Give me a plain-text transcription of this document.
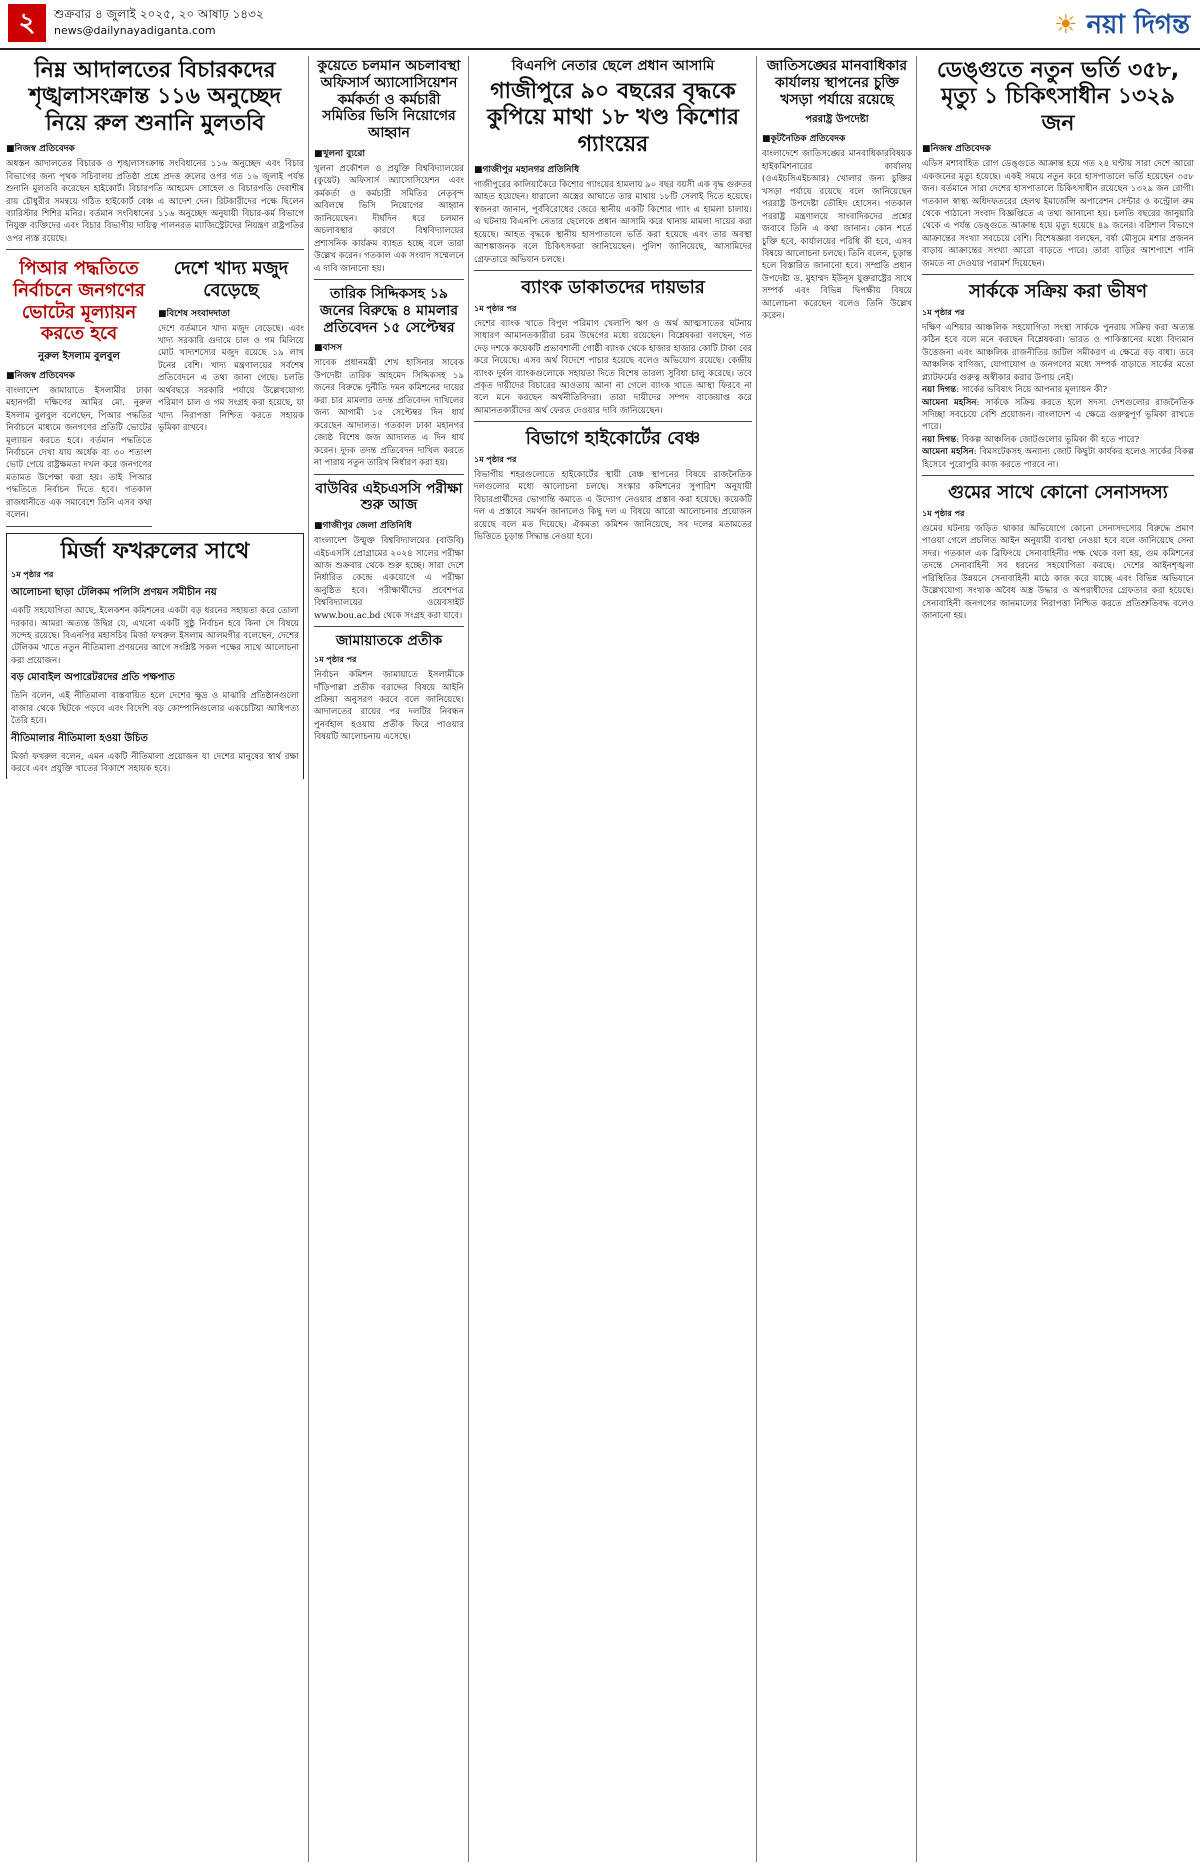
২	শুক্রবার ৪ জুলাই ২০২৫, ২০ আষাঢ় ১৪৩২
news@dailynayadiganta.com	☀ নয়া দিগন্ত
নিম্ন আদালতের বিচারকদের শৃঙ্খলাসংক্রান্ত ১১৬ অনুচ্ছেদ নিয়ে রুল শুনানি মুলতবি
■ নিজস্ব প্রতিবেদক
অধস্তন আদালতের বিচারক ও শৃঙ্খলাসংক্রান্ত সংবিধানের ১১৬ অনুচ্ছেদ এবং বিচার বিভাগের জন্য পৃথক সচিবালয় প্রতিষ্ঠা প্রশ্নে প্রদত্ত রুলের ওপর গত ১৬ জুলাই পর্যন্ত শুনানি মুলতবি করেছেন হাইকোর্ট। বিচারপতি আহমেদ সোহেল ও বিচারপতি দেবাশীষ রায় চৌধুরীর সমন্বয়ে গঠিত হাইকোর্ট বেঞ্চ এ আদেশ দেন। রিটকারীদের পক্ষে ছিলেন ব্যারিস্টার শিশির মনির। বর্তমান সংবিধানের ১১৬ অনুচ্ছেদ অনুযায়ী বিচার-কর্ম বিভাগে নিযুক্ত ব্যক্তিদের এবং বিচার বিভাগীয় দায়িত্ব পালনরত ম্যাজিস্ট্রেটদের নিয়ন্ত্রণ রাষ্ট্রপতির ওপর ন্যস্ত রয়েছে।
পিআর পদ্ধতিতে নির্বাচনে জনগণের ভোটের মূল্যায়ন করতে হবে
নুরুল ইসলাম বুলবুল
■ নিজস্ব প্রতিবেদক
বাংলাদেশ জামায়াতে ইসলামীর ঢাকা মহানগরী দক্ষিণের আমির মো. নুরুল ইসলাম বুলবুল বলেছেন, পিআর পদ্ধতির নির্বাচনে মাধ্যমে জনগণের প্রতিটি ভোটের মূল্যায়ন করতে হবে। বর্তমান পদ্ধতিতে নির্বাচনে দেখা যায় অর্ধেক বা ৩০ শতাংশ ভোট পেয়ে রাষ্ট্রক্ষমতা দখল করে জনগণের মতামত উপেক্ষা করা হয়। তাই পিআর পদ্ধতিতে নির্বাচন দিতে হবে। গতকাল রাজধানীতে এক সমাবেশে তিনি এসব কথা বলেন।
দেশে খাদ্য মজুদ বেড়েছে
■ বিশেষ সংবাদদাতা
দেশে বর্তমানে খাদ্য মজুদ বেড়েছে। এবং খাদ্য সরকারি গুদামে চাল ও গম মিলিয়ে মোট খাদ্যশস্যের মজুদ রয়েছে ১৯ লাখ টনের বেশি। খাদ্য মন্ত্রণালয়ের সর্বশেষ প্রতিবেদনে এ তথ্য জানা গেছে। চলতি অর্থবছরে সরকারি পর্যায়ে উল্লেখযোগ্য পরিমাণ চাল ও গম সংগ্রহ করা হয়েছে, যা খাদ্য নিরাপত্তা নিশ্চিত করতে সহায়ক ভূমিকা রাখবে।
মির্জা ফখরুলের সাথে
১ম পৃষ্ঠার পর
আলোচনা ছাড়া টেলিকম পলিসি প্রণয়ন সমীচীন নয়
একটি সহযোগিতা আছে, ইলেকশন কমিশনের একটা বড় ধরনের সহায়তা করে তোলা দরকার। আমরা অত্যন্ত উদ্বিগ্ন যে, এখনো একটি সুষ্ঠু নির্বাচন হবে কিনা সে বিষয়ে সন্দেহ রয়েছে। বিএনপির মহাসচিব মির্জা ফখরুল ইসলাম আলমগীর বলেছেন, দেশের টেলিকম খাতে নতুন নীতিমালা প্রণয়নের আগে সংশ্লিষ্ট সকল পক্ষের সাথে আলোচনা করা প্রয়োজন।
বড় মোবাইল অপারেটরদের প্রতি পক্ষপাত
তিনি বলেন, এই নীতিমালা বাস্তবায়িত হলে দেশের ক্ষুদ্র ও মাঝারি প্রতিষ্ঠানগুলো বাজার থেকে ছিটকে পড়বে এবং বিদেশি বড় কোম্পানিগুলোর একচেটিয়া আধিপত্য তৈরি হবে।
নীতিমালার নীতিমালা হওয়া উচিত
মির্জা ফখরুল বলেন, এমন একটি নীতিমালা প্রয়োজন যা দেশের মানুষের স্বার্থ রক্ষা করবে এবং প্রযুক্তি খাতের বিকাশে সহায়ক হবে।
কুয়েতে চলমান অচলাবস্থা অফিসার্স অ্যাসোসিয়েশন কর্মকর্তা ও কর্মচারী সমিতির ভিসি নিয়োগের আহ্বান
■ খুলনা ব্যুরো
খুলনা প্রকৌশল ও প্রযুক্তি বিশ্ববিদ্যালয়ের (কুয়েট) অফিসার্স অ্যাসোসিয়েশন এবং কর্মকর্তা ও কর্মচারী সমিতির নেতৃবৃন্দ অবিলম্বে ভিসি নিয়োগের আহ্বান জানিয়েছেন। দীর্ঘদিন ধরে চলমান অচলাবস্থার কারণে বিশ্ববিদ্যালয়ের প্রশাসনিক কার্যক্রম ব্যাহত হচ্ছে বলে তারা উল্লেখ করেন। গতকাল এক সংবাদ সম্মেলনে এ দাবি জানানো হয়।
তারিক সিদ্দিকসহ ১৯ জনের বিরুদ্ধে ৪ মামলার প্রতিবেদন ১৫ সেপ্টেম্বর
■ বাসস
সাবেক প্রধানমন্ত্রী শেখ হাসিনার সাবেক উপদেষ্টা তারিক আহমেদ সিদ্দিকসহ ১৯ জনের বিরুদ্ধে দুর্নীতি দমন কমিশনের দায়ের করা চার মামলার তদন্ত প্রতিবেদন দাখিলের জন্য আগামী ১৫ সেপ্টেম্বর দিন ধার্য করেছেন আদালত। গতকাল ঢাকা মহানগর জ্যেষ্ঠ বিশেষ জজ আদালত এ দিন ধার্য করেন। দুদক তদন্ত প্রতিবেদন দাখিল করতে না পারায় নতুন তারিখ নির্ধারণ করা হয়।
বাউবির এইচএসসি পরীক্ষা শুরু আজ
■ গাজীপুর জেলা প্রতিনিধি
বাংলাদেশ উন্মুক্ত বিশ্ববিদ্যালয়ের (বাউবি) এইচএসসি প্রোগ্রামের ২০২৪ সালের পরীক্ষা আজ শুক্রবার থেকে শুরু হচ্ছে। সারা দেশে নির্ধারিত কেন্দ্রে একযোগে এ পরীক্ষা অনুষ্ঠিত হবে। পরীক্ষার্থীদের প্রবেশপত্র বিশ্ববিদ্যালয়ের ওয়েবসাইট www.bou.ac.bd থেকে সংগ্রহ করা যাবে।
জামায়াতকে প্রতীক
১ম পৃষ্ঠার পর
নির্বাচন কমিশন জামায়াতে ইসলামীকে দাঁড়িপাল্লা প্রতীক বরাদ্দের বিষয়ে আইনি প্রক্রিয়া অনুসরণ করবে বলে জানিয়েছে। আদালতের রায়ের পর দলটির নিবন্ধন পুনর্বহাল হওয়ায় প্রতীক ফিরে পাওয়ার বিষয়টি আলোচনায় এসেছে।
বিএনপি নেতার ছেলে প্রধান আসামি
গাজীপুরে ৯০ বছরের বৃদ্ধকে কুপিয়ে মাথা ১৮ খণ্ড কিশোর গ্যাংয়ের
■ গাজীপুর মহানগর প্রতিনিধি
গাজীপুরের কালিয়াকৈরে কিশোর গ্যাংয়ের হামলায় ৯০ বছর বয়সী এক বৃদ্ধ গুরুতর আহত হয়েছেন। ধারালো অস্ত্রের আঘাতে তার মাথায় ১৮টি সেলাই দিতে হয়েছে। স্বজনরা জানান, পূর্ববিরোধের জেরে স্থানীয় একটি কিশোর গ্যাং এ হামলা চালায়। এ ঘটনায় বিএনপি নেতার ছেলেকে প্রধান আসামি করে থানায় মামলা দায়ের করা হয়েছে। আহত বৃদ্ধকে স্থানীয় হাসপাতালে ভর্তি করা হয়েছে এবং তার অবস্থা আশঙ্কাজনক বলে চিকিৎসকরা জানিয়েছেন। পুলিশ জানিয়েছে, আসামিদের গ্রেফতারে অভিযান চলছে।
ব্যাংক ডাকাতদের দায়ভার
১ম পৃষ্ঠার পর
দেশের ব্যাংক খাতে বিপুল পরিমাণ খেলাপি ঋণ ও অর্থ আত্মসাতের ঘটনায় সাধারণ আমানতকারীরা চরম উদ্বেগের মধ্যে রয়েছেন। বিশ্লেষকরা বলছেন, গত দেড় দশকে কয়েকটি প্রভাবশালী গোষ্ঠী ব্যাংক থেকে হাজার হাজার কোটি টাকা বের করে নিয়েছে। এসব অর্থ বিদেশে পাচার হয়েছে বলেও অভিযোগ রয়েছে। কেন্দ্রীয় ব্যাংক দুর্বল ব্যাংকগুলোকে সহায়তা দিতে বিশেষ তারল্য সুবিধা চালু করেছে। তবে প্রকৃত দায়ীদের বিচারের আওতায় আনা না গেলে ব্যাংক খাতে আস্থা ফিরবে না বলে মনে করছেন অর্থনীতিবিদরা। তারা দায়ীদের সম্পদ বাজেয়াপ্ত করে আমানতকারীদের অর্থ ফেরত দেওয়ার দাবি জানিয়েছেন।
বিভাগে হাইকোর্টের বেঞ্চ
১ম পৃষ্ঠার পর
বিভাগীয় শহরগুলোতে হাইকোর্টের স্থায়ী বেঞ্চ স্থাপনের বিষয়ে রাজনৈতিক দলগুলোর মধ্যে আলোচনা চলছে। সংস্কার কমিশনের সুপারিশ অনুযায়ী বিচারপ্রার্থীদের ভোগান্তি কমাতে এ উদ্যোগ নেওয়ার প্রস্তাব করা হয়েছে। কয়েকটি দল এ প্রস্তাবে সমর্থন জানালেও কিছু দল এ বিষয়ে আরো আলোচনার প্রয়োজন রয়েছে বলে মত দিয়েছে। ঐকমত্য কমিশন জানিয়েছে, সব দলের মতামতের ভিত্তিতে চূড়ান্ত সিদ্ধান্ত নেওয়া হবে।
জাতিসঙ্ঘের মানবাধিকার কার্যালয় স্থাপনের চুক্তি খসড়া পর্যায়ে রয়েছে
পররাষ্ট্র উপদেষ্টা
■ কূটনৈতিক প্রতিবেদক
বাংলাদেশে জাতিসঙ্ঘের মানবাধিকারবিষয়ক হাইকমিশনারের কার্যালয় (ওএইচসিএইচআর) খোলার জন্য চুক্তির খসড়া পর্যায়ে রয়েছে বলে জানিয়েছেন পররাষ্ট্র উপদেষ্টা তৌহিদ হোসেন। গতকাল পররাষ্ট্র মন্ত্রণালয়ে সাংবাদিকদের প্রশ্নের জবাবে তিনি এ কথা জানান। কোন শর্তে চুক্তি হবে, কার্যালয়ের পরিধি কী হবে, এসব বিষয়ে আলোচনা চলছে। তিনি বলেন, চূড়ান্ত হলে বিস্তারিত জানানো হবে। সম্প্রতি প্রধান উপদেষ্টা ড. মুহাম্মদ ইউনূস যুক্তরাষ্ট্রের সাথে সম্পর্ক এবং বিভিন্ন দ্বিপক্ষীয় বিষয়ে আলোচনা করেছেন বলেও তিনি উল্লেখ করেন।
ডেঙ্গুতে নতুন ভর্তি ৩৫৮, মৃত্যু ১ চিকিৎসাধীন ১৩২৯ জন
■ নিজস্ব প্রতিবেদক
এডিস মশাবাহিত রোগ ডেঙ্গুতে আক্রান্ত হয়ে গত ২৪ ঘণ্টায় সারা দেশে আরো একজনের মৃত্যু হয়েছে। একই সময়ে নতুন করে হাসপাতালে ভর্তি হয়েছেন ৩৫৮ জন। বর্তমানে সারা দেশের হাসপাতালে চিকিৎসাধীন রয়েছেন ১৩২৯ জন রোগী। গতকাল স্বাস্থ্য অধিদফতরের হেলথ ইমার্জেন্সি অপারেশন সেন্টার ও কন্ট্রোল রুম থেকে পাঠানো সংবাদ বিজ্ঞপ্তিতে এ তথ্য জানানো হয়। চলতি বছরের জানুয়ারি থেকে এ পর্যন্ত ডেঙ্গুতে আক্রান্ত হয়ে মৃত্যু হয়েছে ৪৯ জনের। বরিশাল বিভাগে আক্রান্তের সংখ্যা সবচেয়ে বেশি। বিশেষজ্ঞরা বলছেন, বর্ষা মৌসুমে মশার প্রজনন বাড়ায় আক্রান্তের সংখ্যা আরো বাড়তে পারে। তারা বাড়ির আশপাশে পানি জমতে না দেওয়ার পরামর্শ দিয়েছেন।
সার্ককে সক্রিয় করা ভীষণ
১ম পৃষ্ঠার পর
দক্ষিণ এশিয়ার আঞ্চলিক সহযোগিতা সংস্থা সার্ককে পুনরায় সক্রিয় করা অত্যন্ত কঠিন হবে বলে মনে করছেন বিশ্লেষকরা। ভারত ও পাকিস্তানের মধ্যে বিদ্যমান উত্তেজনা এবং আঞ্চলিক রাজনীতির জটিল সমীকরণ এ ক্ষেত্রে বড় বাধা। তবে আঞ্চলিক বাণিজ্য, যোগাযোগ ও জনগণের মধ্যে সম্পর্ক বাড়াতে সার্কের মতো প্ল্যাটফর্মের গুরুত্ব অস্বীকার করার উপায় নেই।
নয়া দিগন্ত: সার্কের ভবিষ্যৎ নিয়ে আপনার মূল্যায়ন কী?
আমেনা মহসিন: সার্ককে সক্রিয় করতে হলে সদস্য দেশগুলোর রাজনৈতিক সদিচ্ছা সবচেয়ে বেশি প্রয়োজন। বাংলাদেশ এ ক্ষেত্রে গুরুত্বপূর্ণ ভূমিকা রাখতে পারে।
নয়া দিগন্ত: বিকল্প আঞ্চলিক জোটগুলোর ভূমিকা কী হতে পারে?
আমেনা মহসিন: বিমসটেকসহ অন্যান্য জোট কিছুটা কার্যকর হলেও সার্কের বিকল্প হিসেবে পুরোপুরি কাজ করতে পারবে না।
গুমের সাথে কোনো সেনাসদস্য
১ম পৃষ্ঠার পর
গুমের ঘটনায় জড়িত থাকার অভিযোগে কোনো সেনাসদস্যের বিরুদ্ধে প্রমাণ পাওয়া গেলে প্রচলিত আইন অনুযায়ী ব্যবস্থা নেওয়া হবে বলে জানিয়েছে সেনা সদর। গতকাল এক ব্রিফিংয়ে সেনাবাহিনীর পক্ষ থেকে বলা হয়, গুম কমিশনের তদন্তে সেনাবাহিনী সব ধরনের সহযোগিতা করছে। দেশের আইনশৃঙ্খলা পরিস্থিতির উন্নয়নে সেনাবাহিনী মাঠে কাজ করে যাচ্ছে এবং বিভিন্ন অভিযানে উল্লেখযোগ্য সংখ্যক অবৈধ অস্ত্র উদ্ধার ও অপরাধীদের গ্রেফতার করা হয়েছে। সেনাবাহিনী জনগণের জানমালের নিরাপত্তা নিশ্চিত করতে প্রতিশ্রুতিবদ্ধ বলেও জানানো হয়।
